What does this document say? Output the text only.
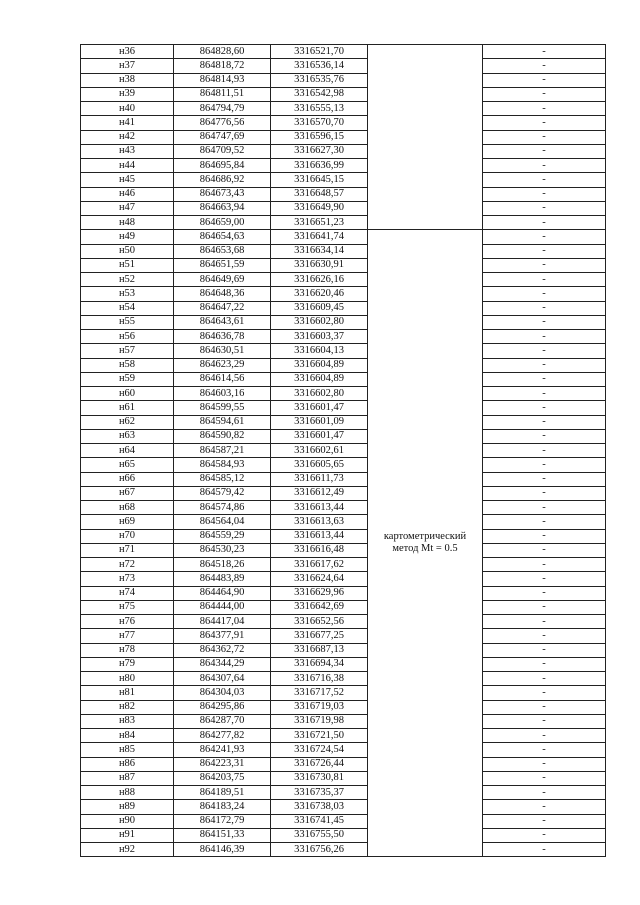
н36	864828,60	3316521,70		-
н37	864818,72	3316536,14		-
н38	864814,93	3316535,76		-
н39	864811,51	3316542,98		-
н40	864794,79	3316555,13		-
н41	864776,56	3316570,70		-
н42	864747,69	3316596,15		-
н43	864709,52	3316627,30		-
н44	864695,84	3316636,99		-
н45	864686,92	3316645,15		-
н46	864673,43	3316648,57		-
н47	864663,94	3316649,90		-
н48	864659,00	3316651,23		-
н49	864654,63	3316641,74	картометрический
метод Mt = 0.5	-
н50	864653,68	3316634,14		-
н51	864651,59	3316630,91		-
н52	864649,69	3316626,16		-
н53	864648,36	3316620,46		-
н54	864647,22	3316609,45		-
н55	864643,61	3316602,80		-
н56	864636,78	3316603,37		-
н57	864630,51	3316604,13		-
н58	864623,29	3316604,89		-
н59	864614,56	3316604,89		-
н60	864603,16	3316602,80		-
н61	864599,55	3316601,47		-
н62	864594,61	3316601,09		-
н63	864590,82	3316601,47		-
н64	864587,21	3316602,61		-
н65	864584,93	3316605,65		-
н66	864585,12	3316611,73		-
н67	864579,42	3316612,49		-
н68	864574,86	3316613,44		-
н69	864564,04	3316613,63		-
н70	864559,29	3316613,44		-
н71	864530,23	3316616,48		-
н72	864518,26	3316617,62		-
н73	864483,89	3316624,64		-
н74	864464,90	3316629,96		-
н75	864444,00	3316642,69		-
н76	864417,04	3316652,56		-
н77	864377,91	3316677,25		-
н78	864362,72	3316687,13		-
н79	864344,29	3316694,34		-
н80	864307,64	3316716,38		-
н81	864304,03	3316717,52		-
н82	864295,86	3316719,03		-
н83	864287,70	3316719,98		-
н84	864277,82	3316721,50		-
н85	864241,93	3316724,54		-
н86	864223,31	3316726,44		-
н87	864203,75	3316730,81		-
н88	864189,51	3316735,37		-
н89	864183,24	3316738,03		-
н90	864172,79	3316741,45		-
н91	864151,33	3316755,50		-
н92	864146,39	3316756,26		-
